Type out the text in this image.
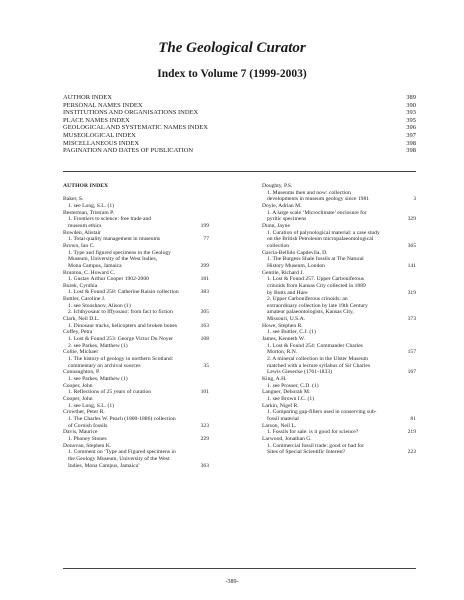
The Geological Curator
Index to Volume 7 (1999-2003)
AUTHOR INDEX	389
PERSONAL NAMES INDEX	390
INSTITUTIONS AND ORGANISATIONS INDEX	393
PLACE NAMES INDEX	395
GEOLOGICAL AND SYSTEMATIC NAMES INDEX	396
MUSEOLOGICAL INDEX	397
MISCELLANEOUS INDEX	398
PAGINATION AND DATES OF PUBLICATION	398
AUTHOR INDEX
Baker, S.
1. see Long, S.L. (1)
Besterman, Tristram P.
1. Frontiers to science: free trade and
museum ethics	199
Bowden, Alistair
1. Total quality management in museums	77
Brown, Ian C.
1. Type and figured specimens in the Geology
Museum, University of the West Indies,
Mona Campus, Jamaica	299
Brunton, C. Howard C.
1. Gustav Arthur Cooper 1902-2000	181
Burek, Cynthia
1. Lost & Found 258: Catherine Raisin collection	383
Buttler, Caroline J.
1. see Stooshnov, Alison (1)
2. Ichthyosaur to Iffyosaur: from fact to fiction	305
Clark, Neil D.L.
1. Dinosaur tracks, helicopters and broken bones	163
Coffey, Petra
1. Lost & Found 253: George Victor Du Noyer	108
2. see Parkes, Matthew (1)
Collie, Michael
1. The history of geology in northern Scotland:
commentary on archival sources	35
Connaughton, P.
1. see Parkes, Matthew (1)
Cooper, John
1. Reflections of 25 years of curation	101
Cooper, John
1. see Long, S.L. (1)
Crowther, Peter R.
1. The Charles W. Peach (1800-1886) collection
of Cornish fossils	323
Davis, Maurice
1. Phoney Stones	229
Donovan, Stephen K.
1. Comment on ‘Type and Figured specimens in
the Geology Museum, University of the West
Indies, Mona Campus, Jamaica’	363
Doughty, P.S.
1. Museums then and now: collection
developments in museum geology since 1981	3
Doyle, Adrian M.
1. A large scale ‘Microclimate’ enclosure for
pyritic specimens	329
Dunn, Jayne
1. Curation of palynological material: a case study
on the British Petroleum micropalaeontological
collection	365
García-Bellido Capdevila, D.
1. The Burgess Shale fossils at The Natural
History Museum, London	141
Gentile, Richard J.
1. Lost & Found 257. Upper Carboniferous
crinoids from Kansas City collected in 1889
by Butts and Hare	319
2. Upper Carboniferous crinoids: an
extraordinary collection by late 19th Century
amateur palaeontologists, Kansas City,
Missouri, U.S.A.	373
Howe, Stephen R.
1. see Buttler, C.J. (1)
James, Kenneth W.
1. Lost & Found 254: Commander Charles
Morton, R.N.	157
2. A mineral collection in the Ulster Museum
matched with a lecture syllabus of Sir Charles
Lewis Giesecke (1761-1833)	167
King, A.H.
1. see Prosser, C.D. (1)
Langner, Deborah M.
1. see Brown I.C. (1)
Larkin, Nigel R.
1. Comparing gap-fillers used in conserving sub-
fossil material	81
Larson, Neil L.
1. Fossils for sale: is it good for science?	219
Larwood, Jonathan G.
1. Commercial fossil trade: good or bad for
Sites of Special Scientific Interest?	223
-389-
